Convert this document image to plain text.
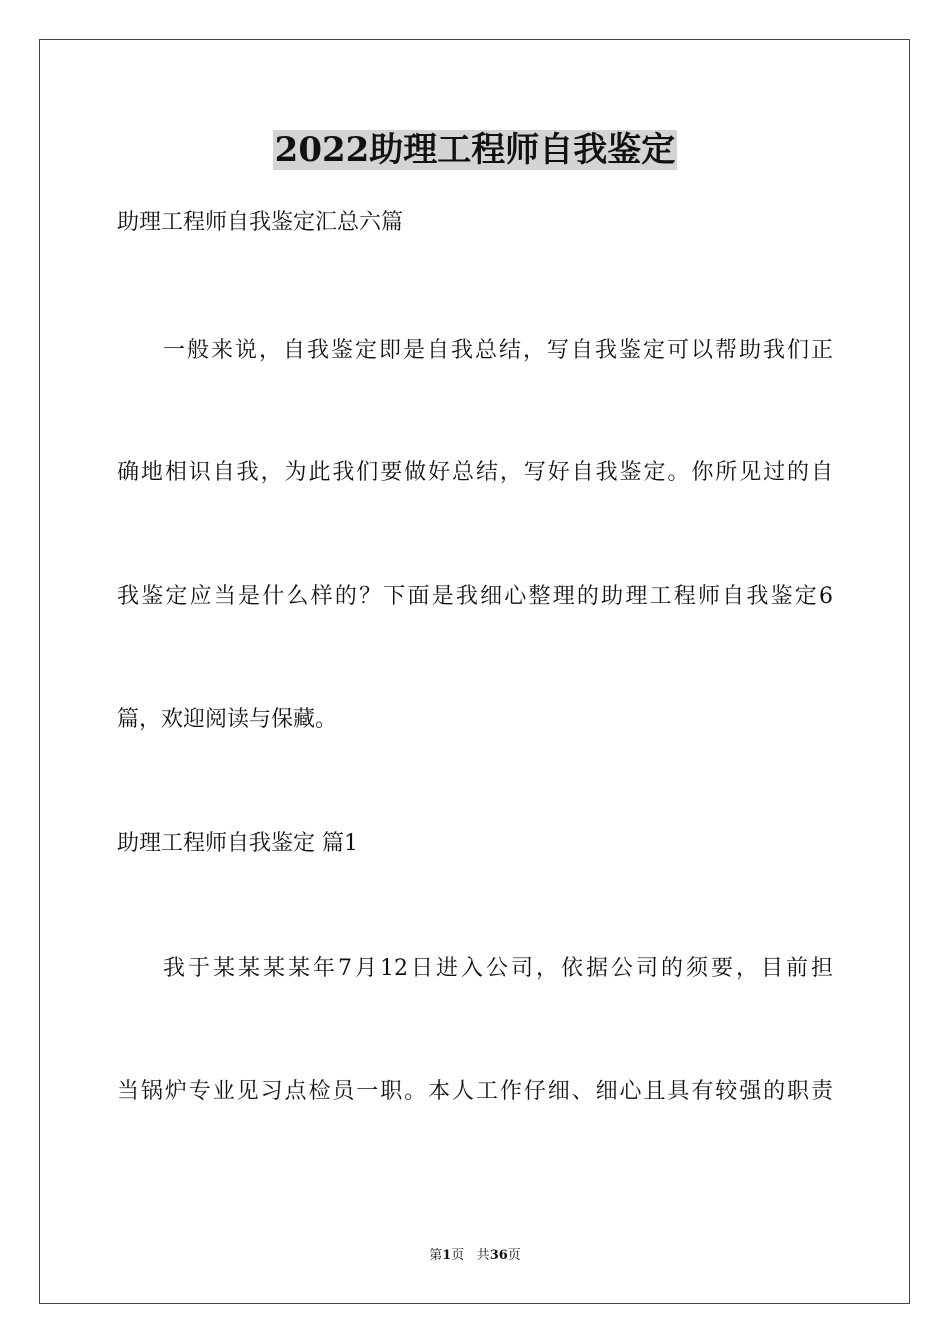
2022助理工程师自我鉴定
助理工程师自我鉴定汇总六篇
一般来说，自我鉴定即是自我总结，写自我鉴定可以帮助我们正
确地相识自我，为此我们要做好总结，写好自我鉴定。你所见过的自
我鉴定应当是什么样的？下面是我细心整理的助理工程师自我鉴定6
篇，欢迎阅读与保藏。
助理工程师自我鉴定 篇1
我于某某某某年7月12日进入公司，依据公司的须要，目前担
当锅炉专业见习点检员一职。本人工作仔细、细心且具有较强的职责
第1页 共36页
